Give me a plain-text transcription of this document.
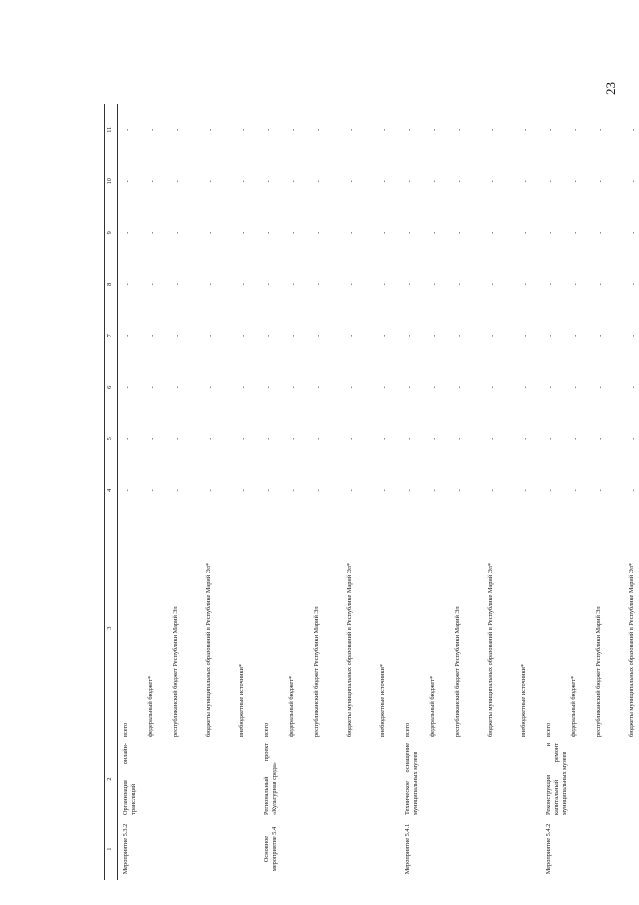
23
1	2	3	4	5	6	7	8	9	10	11
Мероприятие 5.3.2	Организация онлайн-трансляций	всего	-	-	-	-	-	-	-	-
		федеральный бюджет*	-	-	-	-	-	-	-	-
		республиканский бюджет Республики Марий Эл	-	-	-	-	-	-	-	-
		бюджеты муниципальных образований в Республике Марий Эл*	-	-	-	-	-	-	-	-
		внебюджетные источники*	-	-	-	-	-	-	-	-
Основное мероприятие 5.4	Региональный проект «Культурная среда»	всего	-	-	-	-	-	-	-	-
		федеральный бюджет*	-	-	-	-	-	-	-	-
		республиканский бюджет Республики Марий Эл	-	-	-	-	-	-	-	-
		бюджеты муниципальных образований в Республике Марий Эл*	-	-	-	-	-	-	-	-
		внебюджетные источники*	-	-	-	-	-	-	-	-
Мероприятие 5.4.1	Техническое оснащение муниципальных музеев	всего	-	-	-	-	-	-	-	-
		федеральный бюджет*	-	-	-	-	-	-	-	-
		республиканский бюджет Республики Марий Эл	-	-	-	-	-	-	-	-
		бюджеты муниципальных образований в Республике Марий Эл*	-	-	-	-	-	-	-	-
		внебюджетные источники*	-	-	-	-	-	-	-	-
Мероприятие 5.4.2	Реконструкция и капитальный ремонт муниципальных музеев	всего	-	-	-	-	-	-	-	-
		федеральный бюджет*	-	-	-	-	-	-	-	-
		республиканский бюджет Республики Марий Эл	-	-	-	-	-	-	-	-
		бюджеты муниципальных образований в Республике Марий Эл*	-	-	-	-	-	-	-	-
